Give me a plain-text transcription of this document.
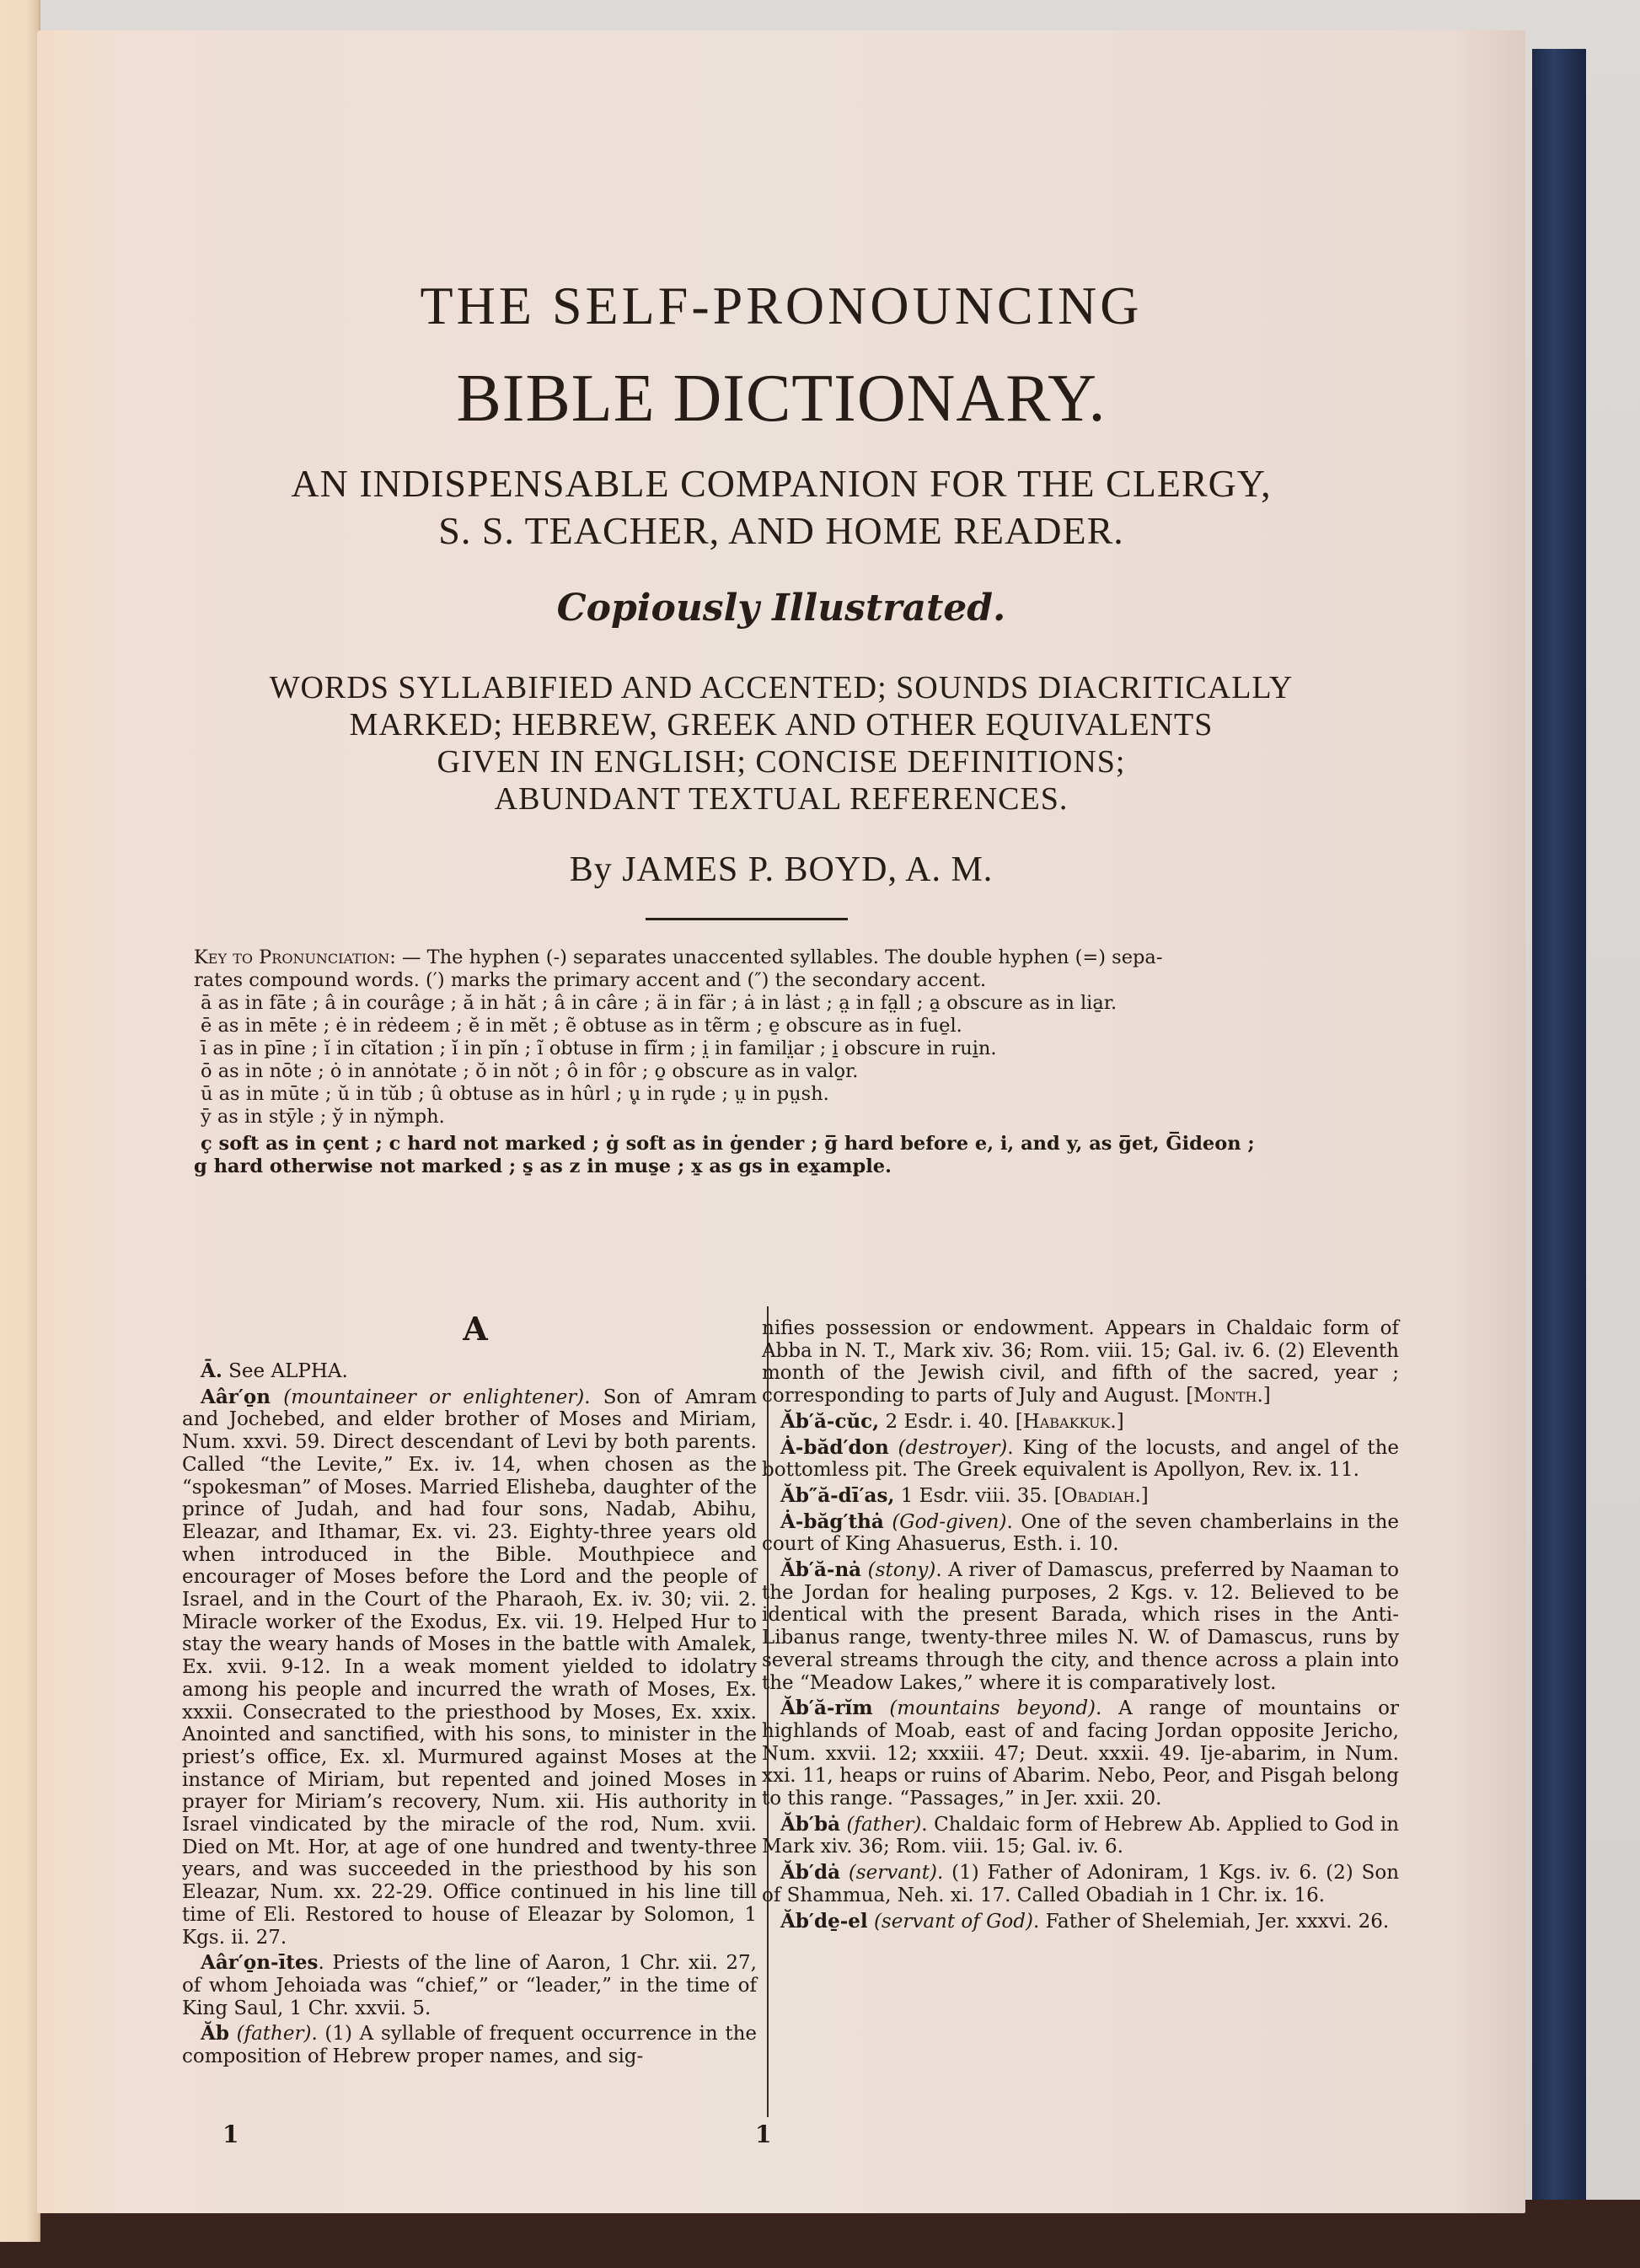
THE SELF-PRONOUNCING
BIBLE DICTIONARY.
AN INDISPENSABLE COMPANION FOR THE CLERGY,
S. S. TEACHER, AND HOME READER.
Copiously Illustrated.
WORDS SYLLABIFIED AND ACCENTED; SOUNDS DIACRITICALLY
MARKED; HEBREW, GREEK AND OTHER EQUIVALENTS
GIVEN IN ENGLISH; CONCISE DEFINITIONS;
ABUNDANT TEXTUAL REFERENCES.
By JAMES P. BOYD, A. M.
Key to Pronunciation: — The hyphen (-) separates unaccented syllables. The double hyphen (=) sepa-
rates compound words. (′) marks the primary accent and (″) the secondary accent.
ā as in fāte ; â in courâge ; ă in hăt ; â in câre ; ä in fär ; ȧ in lȧst ; a̤ in fa̤ll ; a̱ obscure as in lia̱r.
ē as in mēte ; ė in rėdeem ; ĕ in mĕt ; ẽ obtuse as in tẽrm ; e̱ obscure as in fue̱l.
ī as in pīne ; ĭ in cĭtation ; ĭ in pĭn ; ĩ obtuse in fĩrm ; i̤ in famili̤ar ; i̱ obscure in rui̱n.
ō as in nōte ; ȯ in annȯtate ; ŏ in nŏt ; ô in fôr ; o̱ obscure as in valo̱r.
ū as in mūte ; ŭ in tŭb ; û obtuse as in hûrl ; u̥ in ru̥de ; ṳ in pṳsh.
ȳ as in stȳle ; y̆ in ny̆mph.
ç soft as in çent ; c hard not marked ; ġ soft as in ġender ; g̅ hard before e, i, and y, as g̅et, G̅ideon ;
g hard otherwise not marked ; s̱ as z in mus̱e ; x̱ as gs in ex̱ample.
A

Ā. See ALPHA.

Aâr′o̱n (mountaineer or enlightener). Son of Amram and Jochebed, and elder brother of Moses and Miriam, Num. xxvi. 59. Direct descendant of Levi by both parents. Called “the Levite,” Ex. iv. 14, when chosen as the “spokesman” of Moses. Married Elisheba, daughter of the prince of Judah, and had four sons, Nadab, Abihu, Eleazar, and Ithamar, Ex. vi. 23. Eighty-three years old when introduced in the Bible. Mouthpiece and encourager of Moses before the Lord and the people of Israel, and in the Court of the Pharaoh, Ex. iv. 30; vii. 2. Miracle worker of the Exodus, Ex. vii. 19. Helped Hur to stay the weary hands of Moses in the battle with Amalek, Ex. xvii. 9-12. In a weak moment yielded to idolatry among his people and incurred the wrath of Moses, Ex. xxxii. Consecrated to the priesthood by Moses, Ex. xxix. Anointed and sanctified, with his sons, to minister in the priest’s office, Ex. xl. Murmured against Moses at the instance of Miriam, but repented and joined Moses in prayer for Miriam’s recovery, Num. xii. His authority in Israel vindicated by the miracle of the rod, Num. xvii. Died on Mt. Hor, at age of one hundred and twenty-three years, and was succeeded in the priesthood by his son Eleazar, Num. xx. 22-29. Office continued in his line till time of Eli. Restored to house of Eleazar by Solomon, 1 Kgs. ii. 27.

Aâr′o̱n-ītes. Priests of the line of Aaron, 1 Chr. xii. 27, of whom Jehoiada was “chief,” or “leader,” in the time of King Saul, 1 Chr. xxvii. 5.

Ăb (father). (1) A syllable of frequent occurrence in the composition of Hebrew proper names, and sig-

nifies possession or endowment. Appears in Chaldaic form of Abba in N. T., Mark xiv. 36; Rom. viii. 15; Gal. iv. 6. (2) Eleventh month of the Jewish civil, and fifth of the sacred, year ; corresponding to parts of July and August. [Month.]

Ăb′ă-cŭc, 2 Esdr. i. 40. [Habakkuk.]

Ȧ-băd′don (destroyer). King of the locusts, and angel of the bottomless pit. The Greek equivalent is Apollyon, Rev. ix. 11.

Ăb″ă-dī′as, 1 Esdr. viii. 35. [Obadiah.]

Ȧ-băg′thȧ (God-given). One of the seven chamberlains in the court of King Ahasuerus, Esth. i. 10.

Ăb′ă-nȧ (stony). A river of Damascus, preferred by Naaman to the Jordan for healing purposes, 2 Kgs. v. 12. Believed to be identical with the present Barada, which rises in the Anti-Libanus range, twenty-three miles N. W. of Damascus, runs by several streams through the city, and thence across a plain into the “Meadow Lakes,” where it is comparatively lost.

Ăb′ă-rĭm (mountains beyond). A range of mountains or highlands of Moab, east of and facing Jordan opposite Jericho, Num. xxvii. 12; xxxiii. 47; Deut. xxxii. 49. Ije-abarim, in Num. xxi. 11, heaps or ruins of Abarim. Nebo, Peor, and Pisgah belong to this range. “Passages,” in Jer. xxii. 20.

Ăb′bȧ (father). Chaldaic form of Hebrew Ab. Applied to God in Mark xiv. 36; Rom. viii. 15; Gal. iv. 6.

Ăb′dȧ (servant). (1) Father of Adoniram, 1 Kgs. iv. 6. (2) Son of Shammua, Neh. xi. 17. Called Obadiah in 1 Chr. ix. 16.

Ăb′de̱-el (servant of God). Father of Shelemiah, Jer. xxxvi. 26.

1	1
